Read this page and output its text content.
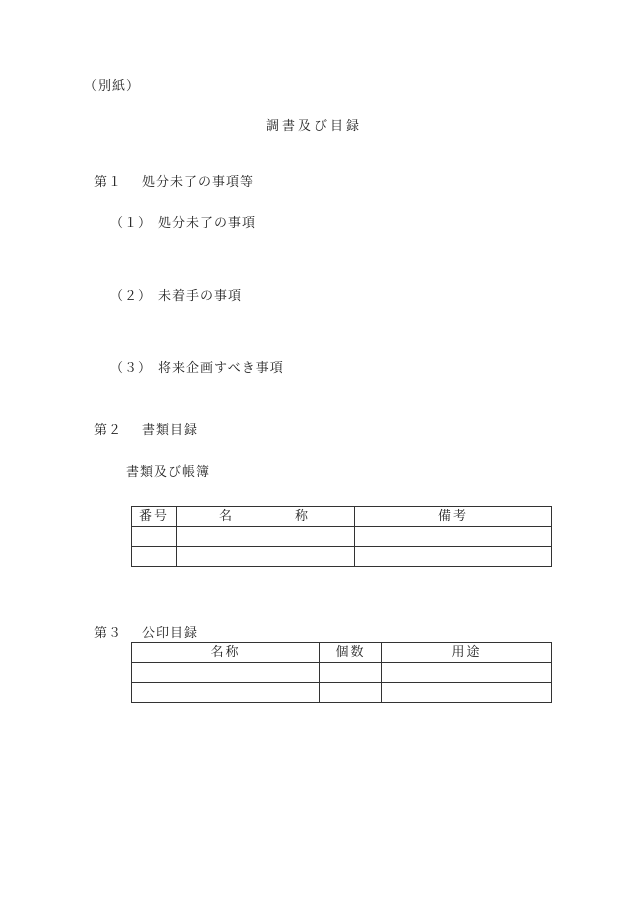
（別紙）
調書及び目録
第１ 処分未了の事項等
（１） 処分未了の事項
（２） 未着手の事項
（３） 将来企画すべき事項
第２ 書類目録
書類及び帳簿
番号	名 称	備考

第３ 公印目録
名称	個数	用途
